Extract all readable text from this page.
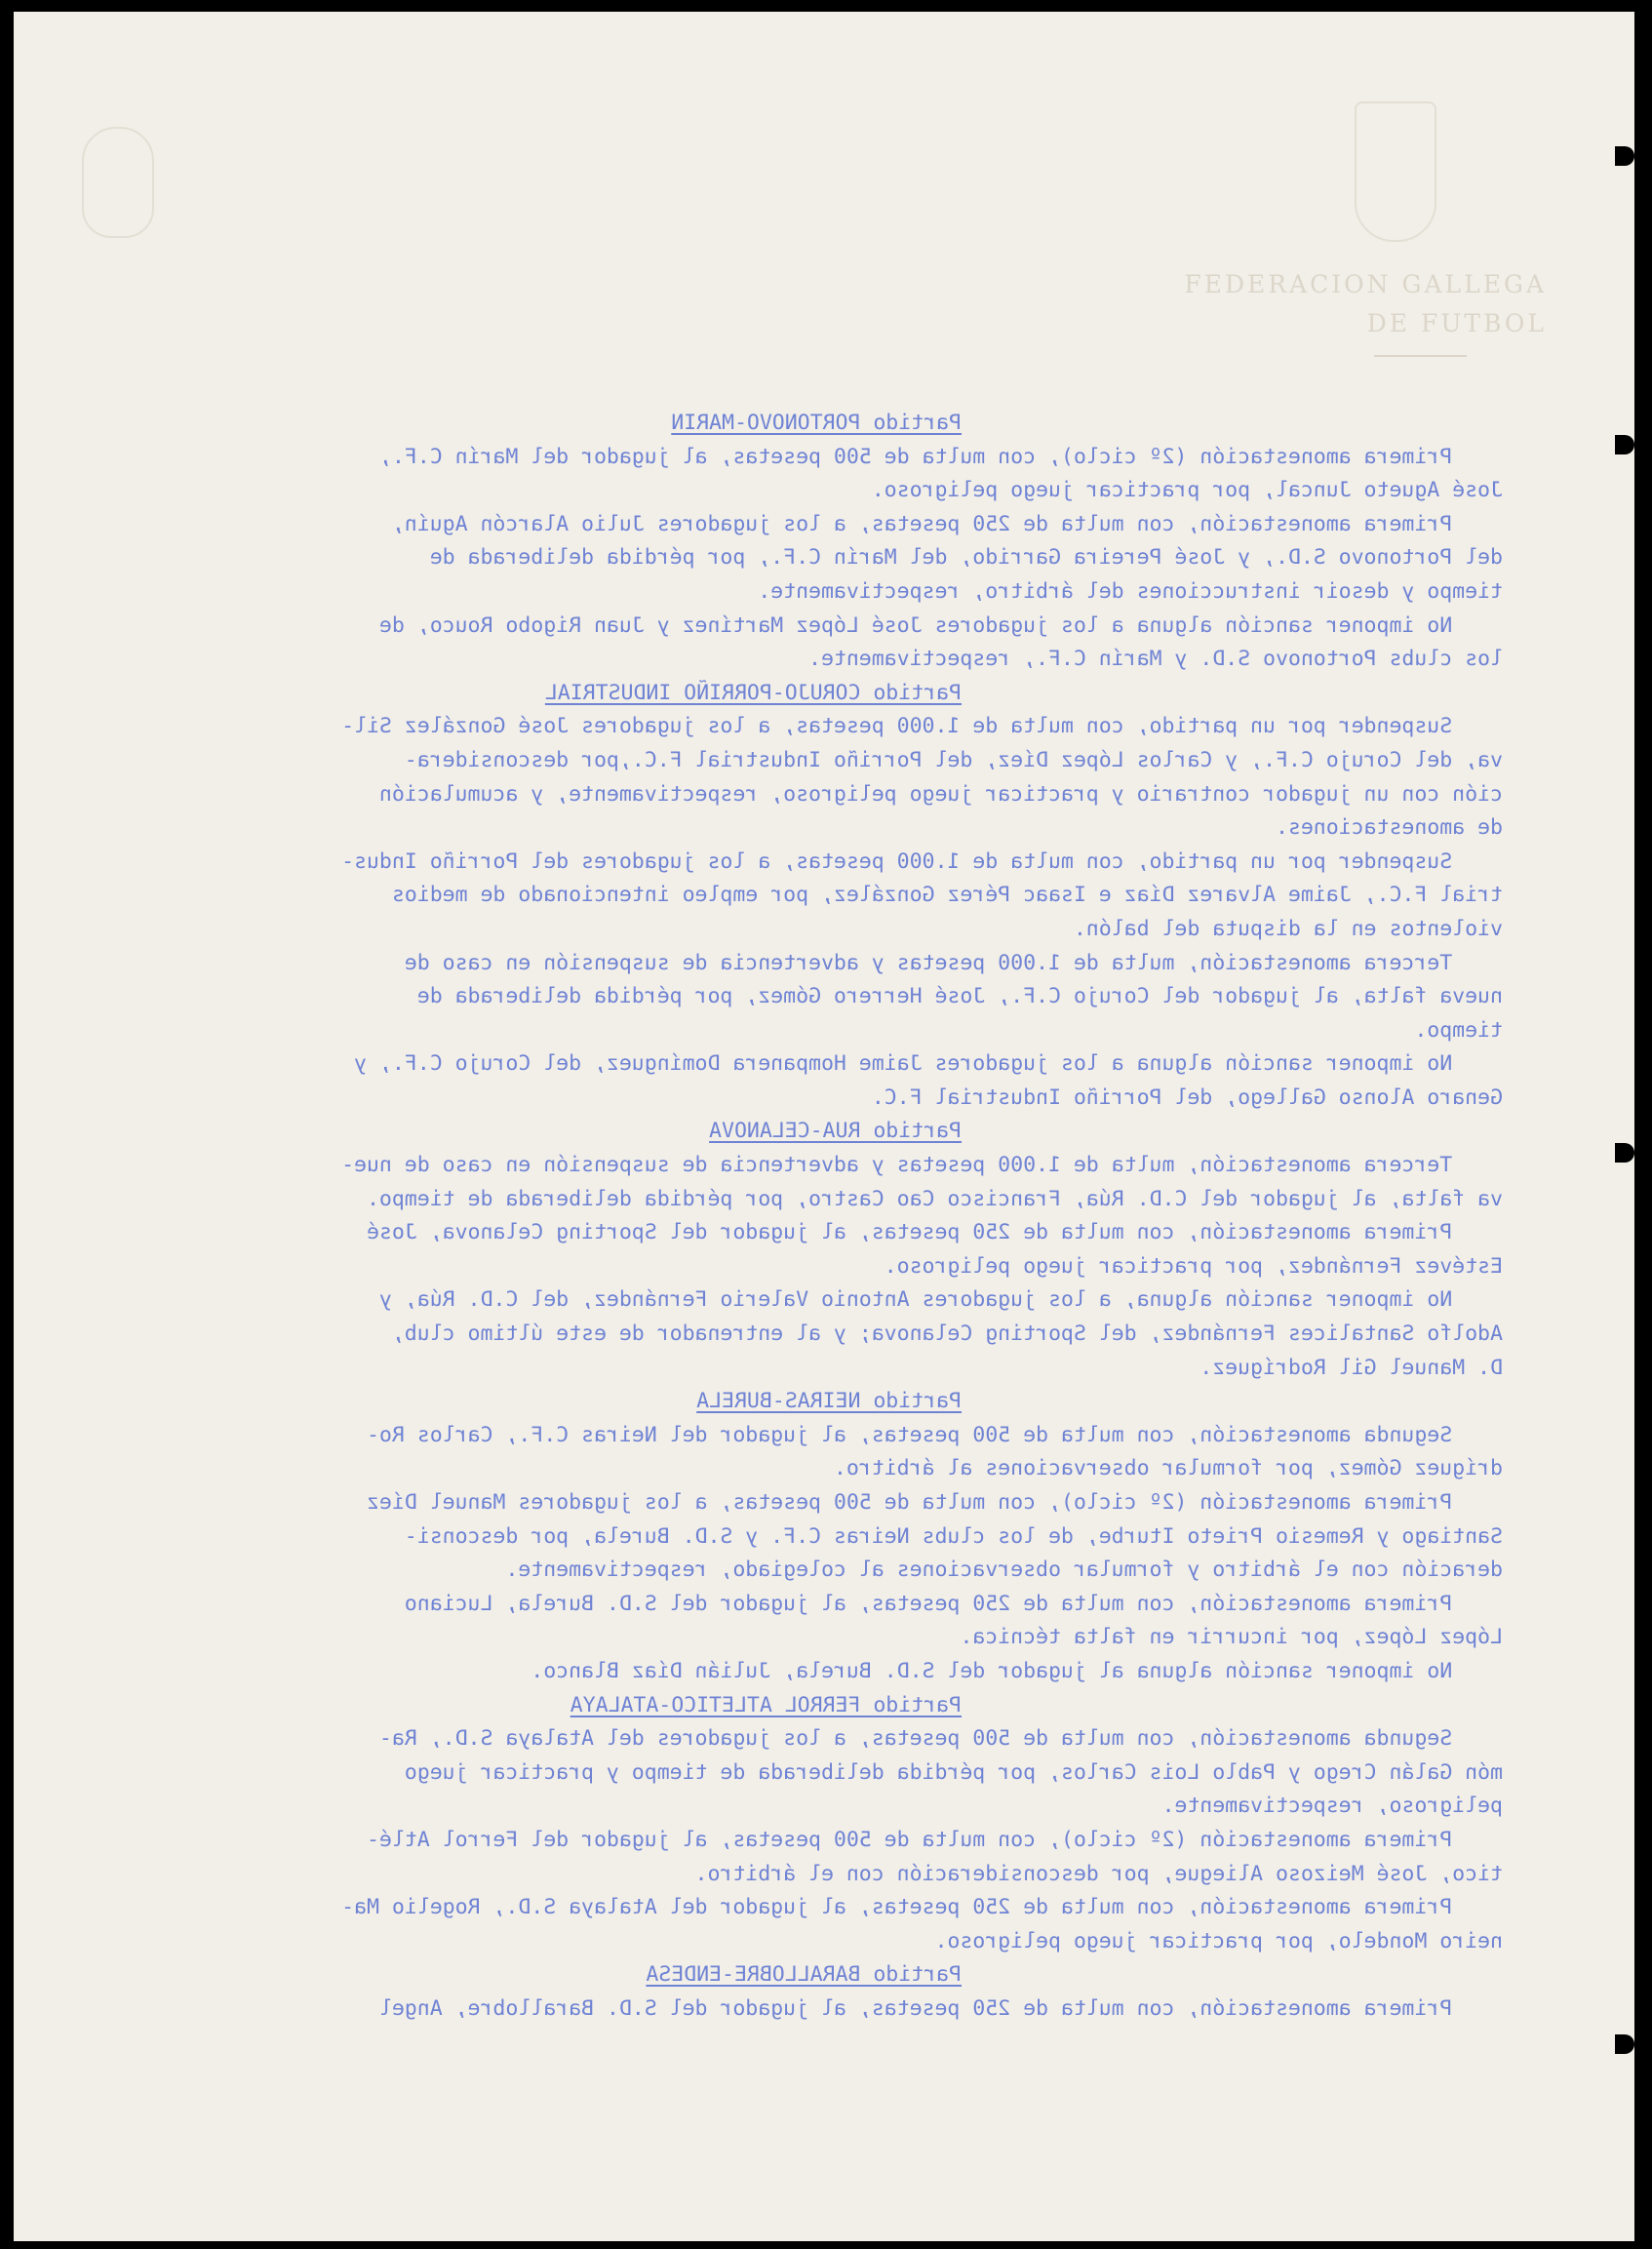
FEDERACION GALLEGA
DE FUTBOL
Partido PORTONOVO-MARIN
Primera amonestación (2º ciclo), con multa de 500 pesetas, al jugador del Marín C.F.,
José Agueto Juncal, por practicar juego peligroso.
Primera amonestación, con multa de 250 pesetas, a los jugadores Julio Alarcón Aguín,
del Portonovo S.D., y José Pereira Garrido, del Marín C.F., por pérdida deliberada de
tiempo y desoir instrucciones del árbitro, respectivamente.
No imponer sanción alguna a los jugadores José López Martínez y Juan Rigobo Rouco, de
los clubs Portonovo S.D. y Marín C.F., respectivamente.
Partido CORUJO-PORRIÑO INDUSTRIAL
Suspender por un partido, con multa de 1.000 pesetas, a los jugadores José González Sil-
va, del Corujo C.F., y Carlos López Díez, del Porriño Industrial F.C.,por desconsidera-
ción con un jugador contrario y practicar juego peligroso, respectivamente, y acumulación
de amonestaciones.
Suspender por un partido, con multa de 1.000 pesetas, a los jugadores del Porriño Indus-
trial F.C., Jaime Alvarez Díaz e Isaac Pérez González, por empleo intencionado de medios
violentos en la disputa del balón.
Tercera amonestación, multa de 1.000 pesetas y advertencia de suspensión en caso de
nueva falta, al jugador del Corujo C.F., José Herrero Gómez, por pérdida deliberada de
tiempo.
No imponer sanción alguna a los jugadores Jaime Hompanera Domínguez, del Corujo C.F., y
Genaro Alonso Gallego, del Porriño Industrial F.C.
Partido RUA-CELANOVA
Tercera amonestación, multa de 1.000 pesetas y advertencia de suspensión en caso de nue-
va falta, al jugador del C.D. Rúa, Francisco Cao Castro, por pérdida deliberada de tiempo.
Primera amonestación, con multa de 250 pesetas, al jugador del Sporting Celanova, José
Estévez Fernández, por practicar juego peligroso.
No imponer sanción alguna, a los jugadores Antonio Valerio Fernández, del C.D. Rúa, y
Adolfo Santalices Fernández, del Sporting Celanova; y al entrenador de este último club,
D. Manuel Gil Rodríguez.
Partido NEIRAS-BURELA
Segunda amonestación, con multa de 500 pesetas, al jugador del Neiras C.F., Carlos Ro-
dríguez Gómez, por formular observaciones al árbitro.
Primera amonestación (2º ciclo), con multa de 500 pesetas, a los jugadores Manuel Díez
Santiago y Remesio Prieto Iturbe, de los clubs Neiras C.F. y S.D. Burela, por desconsi-
deración con el árbitro y formular observaciones al colegiado, respectivamente.
Primera amonestación, con multa de 250 pesetas, al jugador del S.D. Burela, Luciano
López López, por incurrir en falta técnica.
No imponer sanción alguna al jugador del S.D. Burela, Julián Díaz Blanco.
Partido FERROL ATLETICO-ATALAYA
Segunda amonestación, con multa de 500 pesetas, a los jugadores del Atalaya S.D., Ra-
món Galán Crego y Pablo Lois Carlos, por pérdida deliberada de tiempo y practicar juego
peligroso, respectivamente.
Primera amonestación (2º ciclo), con multa de 500 pesetas, al jugador del Ferrol Atlé-
tico, José Meizoso Aliegue, por desconsideración con el árbitro.
Primera amonestación, con multa de 250 pesetas, al jugador del Atalaya S.D., Rogelio Ma-
neiro Mondelo, por practicar juego peligroso.
Partido BARALLOBRE-ENDESA
Primera amonestación, con multa de 250 pesetas, al jugador del S.D. Barallobre, Angel
